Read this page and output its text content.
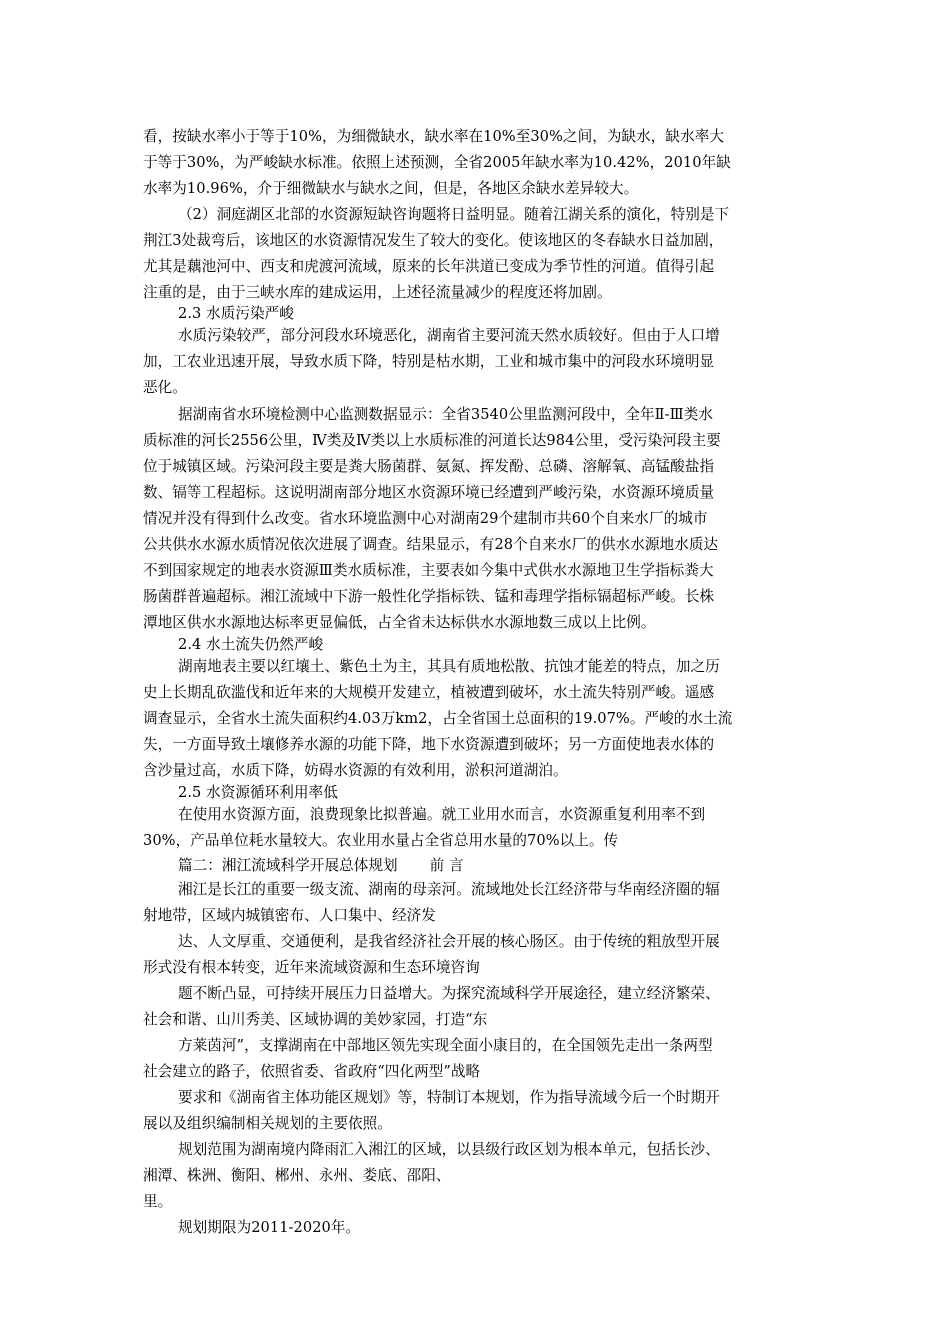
看，按缺水率小于等于10%，为细微缺水，缺水率在10%至30%之间，为缺水，缺水率大

于等于30%，为严峻缺水标准。依照上述预测，全省2005年缺水率为10.42%，2010年缺

水率为10.96%，介于细微缺水与缺水之间，但是，各地区余缺水差异较大。

（2）洞庭湖区北部的水资源短缺咨询题将日益明显。随着江湖关系的演化，特别是下

荆江3处裁弯后，该地区的水资源情况发生了较大的变化。使该地区的冬春缺水日益加剧，

尤其是藕池河中、西支和虎渡河流域，原来的长年洪道已变成为季节性的河道。值得引起

注重的是，由于三峡水库的建成运用，上述径流量减少的程度还将加剧。

2.3 水质污染严峻

水质污染较严，部分河段水环境恶化，湖南省主要河流天然水质较好。但由于人口增

加，工农业迅速开展，导致水质下降，特别是枯水期，工业和城市集中的河段水环境明显

恶化。

据湖南省水环境检测中心监测数据显示：全省3540公里监测河段中，全年Ⅱ-Ⅲ类水

质标准的河长2556公里，Ⅳ类及Ⅳ类以上水质标准的河道长达984公里，受污染河段主要

位于城镇区域。污染河段主要是粪大肠菌群、氨氮、挥发酚、总磷、溶解氧、高锰酸盐指

数、镉等工程超标。这说明湖南部分地区水资源环境已经遭到严峻污染，水资源环境质量

情况并没有得到什么改变。省水环境监测中心对湖南29个建制市共60个自来水厂的城市

公共供水水源水质情况依次进展了调查。结果显示，有28个自来水厂的供水水源地水质达

不到国家规定的地表水资源Ⅲ类水质标准，主要表如今集中式供水水源地卫生学指标粪大

肠菌群普遍超标。湘江流域中下游一般性化学指标铁、锰和毒理学指标镉超标严峻。长株

潭地区供水水源地达标率更显偏低，占全省未达标供水水源地数三成以上比例。

2.4 水土流失仍然严峻

湖南地表主要以红壤土、紫色土为主，其具有质地松散、抗蚀才能差的特点，加之历

史上长期乱砍滥伐和近年来的大规模开发建立，植被遭到破坏，水土流失特别严峻。遥感

调查显示，全省水土流失面积约4.03万km2，占全省国土总面积的19.07%。严峻的水土流

失，一方面导致土壤修养水源的功能下降，地下水资源遭到破坏；另一方面使地表水体的

含沙量过高，水质下降，妨碍水资源的有效利用，淤积河道湖泊。

2.5 水资源循环利用率低

在使用水资源方面，浪费现象比拟普遍。就工业用水而言，水资源重复利用率不到

30%，产品单位耗水量较大。农业用水量占全省总用水量的70%以上。传

篇二：湘江流域科学开展总体规划 前 言

湘江是长江的重要一级支流、湖南的母亲河。流域地处长江经济带与华南经济圈的辐

射地带，区域内城镇密布、人口集中、经济发

达、人文厚重、交通便利，是我省经济社会开展的核心肠区。由于传统的粗放型开展

形式没有根本转变，近年来流域资源和生态环境咨询

题不断凸显，可持续开展压力日益增大。为探究流域科学开展途径，建立经济繁荣、

社会和谐、山川秀美、区域协调的美妙家园，打造“东

方莱茵河”，支撑湖南在中部地区领先实现全面小康目的，在全国领先走出一条两型

社会建立的路子，依照省委、省政府“四化两型”战略

要求和《湖南省主体功能区规划》等，特制订本规划，作为指导流域今后一个时期开

展以及组织编制相关规划的主要依照。

规划范围为湖南境内降雨汇入湘江的区域，以县级行政区划为根本单元，包括长沙、

湘潭、株洲、衡阳、郴州、永州、娄底、邵阳、

里。

规划期限为2011-2020年。
